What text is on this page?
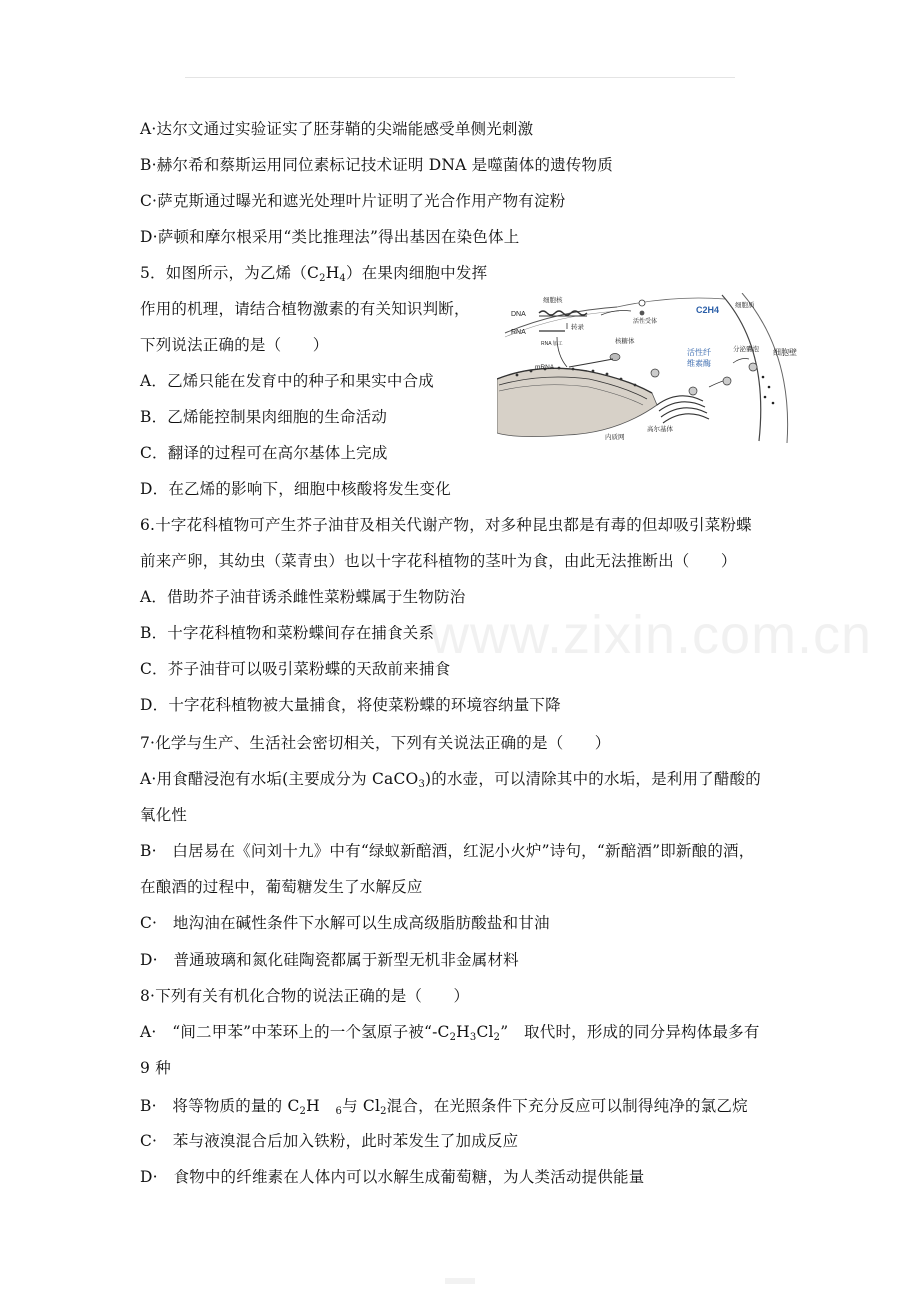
A·达尔文通过实验证实了胚芽鞘的尖端能感受单侧光刺激
B·赫尔希和蔡斯运用同位素标记技术证明 DNA 是噬菌体的遗传物质
C·萨克斯通过曝光和遮光处理叶片证明了光合作用产物有淀粉
D·萨顿和摩尔根采用“类比推理法”得出基因在染色体上
5．如图所示，为乙烯$(C_2H_4)$在果肉细胞中发挥
作用的机理，请结合植物激素的有关知识判断，
下列说法正确的是（　　）
A．乙烯只能在发育中的种子和果实中合成
B．乙烯能控制果肉细胞的生命活动
C．翻译的过程可在高尔基体上完成
D．在乙烯的影响下，细胞中核酸将发生变化
细胞核
DNA
RNA
转录
RNA 加工
活性受体
C2H4 细胞质
核糖体
mRNA
活性纤
维素酶
分泌囊泡 细胞壁
高尔基体
内质网
6.十字花科植物可产生芥子油苷及相关代谢产物，对多种昆虫都是有毒的但却吸引菜粉蝶
前来产卵，其幼虫（菜青虫）也以十字花科植物的茎叶为食，由此无法推断出（　　）
A．借助芥子油苷诱杀雌性菜粉蝶属于生物防治
B．十字花科植物和菜粉蝶间存在捕食关系
C．芥子油苷可以吸引菜粉蝶的天敌前来捕食
D．十字花科植物被大量捕食，将使菜粉蝶的环境容纳量下降
7·化学与生产、生活社会密切相关，下列有关说法正确的是（　　）
A·用食醋浸泡有水垢(主要成分为 CaCO$_3$)的水壶，可以清除其中的水垢，是利用了醋酸的
氧化性
B·　白居易在《问刘十九》中有“绿蚁新醅酒，红泥小火炉”诗句，“新醅酒”即新酿的酒，
在酿酒的过程中，葡萄糖发生了水解反应
C·　地沟油在碱性条件下水解可以生成高级脂肪酸盐和甘油
D·　普通玻璃和氮化硅陶瓷都属于新型无机非金属材料
8·下列有关有机化合物的说法正确的是（　　）
A·　“间二甲苯”中苯环上的一个氢原子被“$-C_2H_3Cl_2$”　取代时，形成的同分异构体最多有
9 种
B·　将等物质的量的 $C_2H$　$_6$与 $Cl_2$混合，在光照条件下充分反应可以制得纯净的氯乙烷
C·　苯与液溴混合后加入铁粉，此时苯发生了加成反应
D·　食物中的纤维素在人体内可以水解生成葡萄糖，为人类活动提供能量
www.zixin.com.cn
